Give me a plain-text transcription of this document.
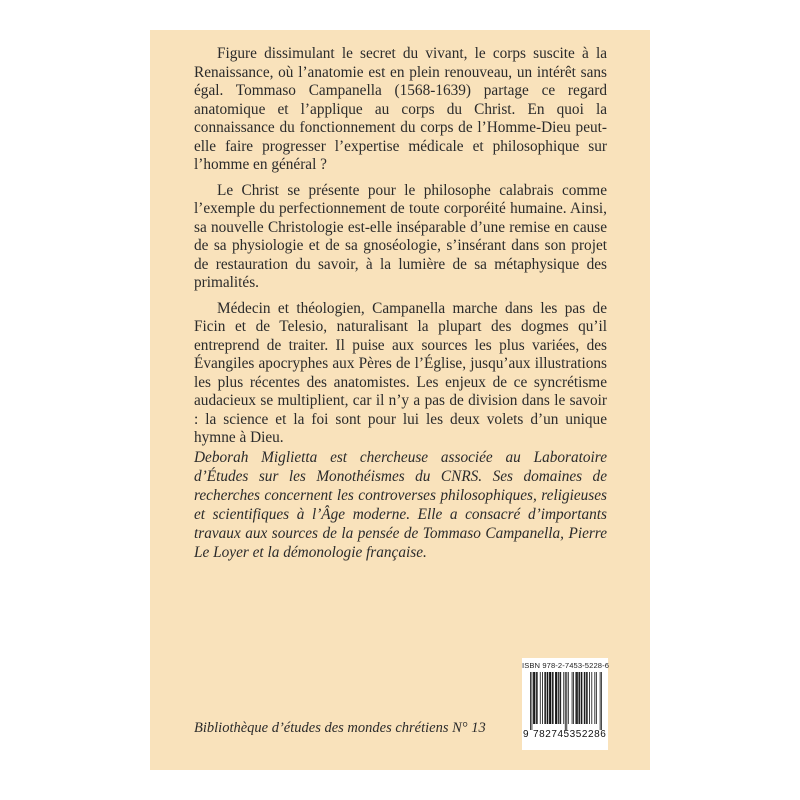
Figure dissimulant le secret du vivant, le corps suscite à la Renaissance, où l’anatomie est en plein renouveau, un intérêt sans égal. Tommaso Campanella (1568-1639) partage ce regard anatomique et l’applique au corps du Christ. En quoi la connaissance du fonctionnement du corps de l’Homme-Dieu peut-elle faire progresser l’expertise médicale et philosophique sur l’homme en général ?

Le Christ se présente pour le philosophe calabrais comme l’exemple du perfectionnement de toute corporéité humaine. Ainsi, sa nouvelle Christologie est-elle inséparable d’une remise en cause de sa physiologie et de sa gnoséologie, s’insérant dans son projet de restauration du savoir, à la lumière de sa métaphysique des primalités.

Médecin et théologien, Campanella marche dans les pas de Ficin et de Telesio, naturalisant la plupart des dogmes qu’il entreprend de traiter. Il puise aux sources les plus variées, des Évangiles apocryphes aux Pères de l’Église, jusqu’aux illustrations les plus récentes des anatomistes. Les enjeux de ce syncrétisme audacieux se multiplient, car il n’y a pas de division dans le savoir : la science et la foi sont pour lui les deux volets d’un unique hymne à Dieu.

Deborah Miglietta est chercheuse associée au Laboratoire d’Études sur les Monothéismes du CNRS. Ses domaines de recherches concernent les controverses philosophiques, religieuses et scientifiques à l’Âge moderne. Elle a consacré d’importants travaux aux sources de la pensée de Tommaso Campanella, Pierre Le Loyer et la démonologie française.

Bibliothèque d’études des mondes chrétiens N° 13
ISBN 978-2-7453-5228-6
9 782745352286
